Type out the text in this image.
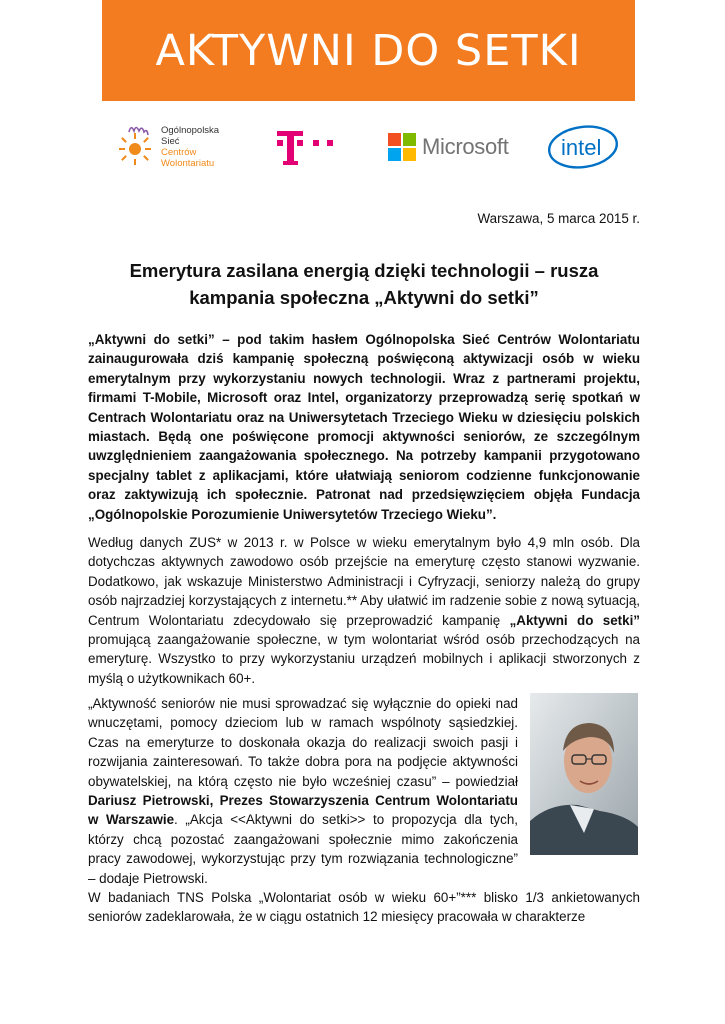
AKTYWNI DO SETKI
Ogólnopolska
Sieć
Centrów
Wolontariatu
Microsoft intel
Warszawa, 5 marca 2015 r.
Emerytura zasilana energią dzięki technologii – rusza
kampania społeczna „Aktywni do setki”

„Aktywni do setki” – pod takim hasłem Ogólnopolska Sieć Centrów Wolontariatu zainaugurowała dziś kampanię społeczną poświęconą aktywizacji osób w wieku emerytalnym przy wykorzystaniu nowych technologii. Wraz z partnerami projektu, firmami T-Mobile, Microsoft oraz Intel, organizatorzy przeprowadzą serię spotkań w Centrach Wolontariatu oraz na Uniwersytetach Trzeciego Wieku w dziesięciu polskich miastach. Będą one poświęcone promocji aktywności seniorów, ze szczególnym uwzględnieniem zaangażowania społecznego. Na potrzeby kampanii przygotowano specjalny tablet z aplikacjami, które ułatwiają seniorom codzienne funkcjonowanie oraz zaktywizują ich społecznie. Patronat nad przedsięwzięciem objęła Fundacja „Ogólnopolskie Porozumienie Uniwersytetów Trzeciego Wieku”.

Według danych ZUS* w 2013 r. w Polsce w wieku emerytalnym było 4,9 mln osób. Dla dotychczas aktywnych zawodowo osób przejście na emeryturę często stanowi wyzwanie. Dodatkowo, jak wskazuje Ministerstwo Administracji i Cyfryzacji, seniorzy należą do grupy osób najrzadziej korzystających z internetu.** Aby ułatwić im radzenie sobie z nową sytuacją, Centrum Wolontariatu zdecydowało się przeprowadzić kampanię „Aktywni do setki” promującą zaangażowanie społeczne, w tym wolontariat wśród osób przechodzących na emeryturę. Wszystko to przy wykorzystaniu urządzeń mobilnych i aplikacji stworzonych z myślą o użytkownikach 60+.

„Aktywność seniorów nie musi sprowadzać się wyłącznie do opieki nad wnuczętami, pomocy dzieciom lub w ramach wspólnoty sąsiedzkiej. Czas na emeryturze to doskonała okazja do realizacji swoich pasji i rozwijania zainteresowań. To także dobra pora na podjęcie aktywności obywatelskiej, na którą często nie było wcześniej czasu” – powiedział Dariusz Pietrowski, Prezes Stowarzyszenia Centrum Wolontariatu w Warszawie. „Akcja <<Aktywni do setki>> to propozycja dla tych, którzy chcą pozostać zaangażowani społecznie mimo zakończenia pracy zawodowej, wykorzystując przy tym rozwiązania technologiczne” – dodaje Pietrowski.

W badaniach TNS Polska „Wolontariat osób w wieku 60+”*** blisko 1/3 ankietowanych seniorów zadeklarowała, że w ciągu ostatnich 12 miesięcy pracowała w charakterze
